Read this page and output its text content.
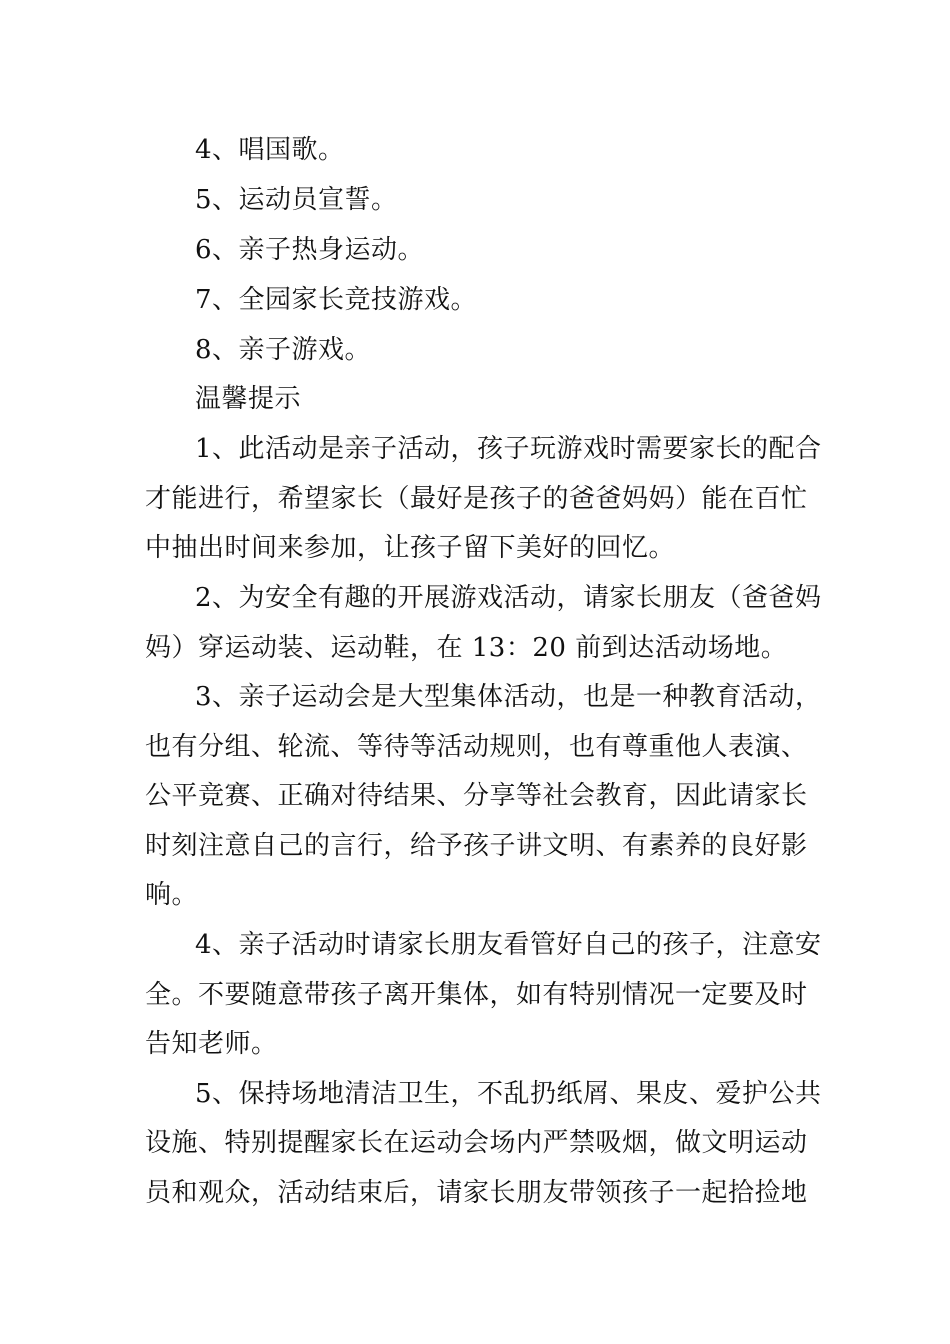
4、唱国歌。
5、运动员宣誓。
6、亲子热身运动。
7、全园家长竞技游戏。
8、亲子游戏。
温馨提示
1、此活动是亲子活动，孩子玩游戏时需要家长的配合
才能进行，希望家长（最好是孩子的爸爸妈妈）能在百忙
中抽出时间来参加，让孩子留下美好的回忆。
2、为安全有趣的开展游戏活动，请家长朋友（爸爸妈
妈）穿运动装、运动鞋，在 13：20 前到达活动场地。
3、亲子运动会是大型集体活动，也是一种教育活动，
也有分组、轮流、等待等活动规则，也有尊重他人表演、
公平竞赛、正确对待结果、分享等社会教育，因此请家长
时刻注意自己的言行，给予孩子讲文明、有素养的良好影
响。
4、亲子活动时请家长朋友看管好自己的孩子，注意安
全。不要随意带孩子离开集体，如有特别情况一定要及时
告知老师。
5、保持场地清洁卫生，不乱扔纸屑、果皮、爱护公共
设施、特别提醒家长在运动会场内严禁吸烟，做文明运动
员和观众，活动结束后，请家长朋友带领孩子一起拾捡地
